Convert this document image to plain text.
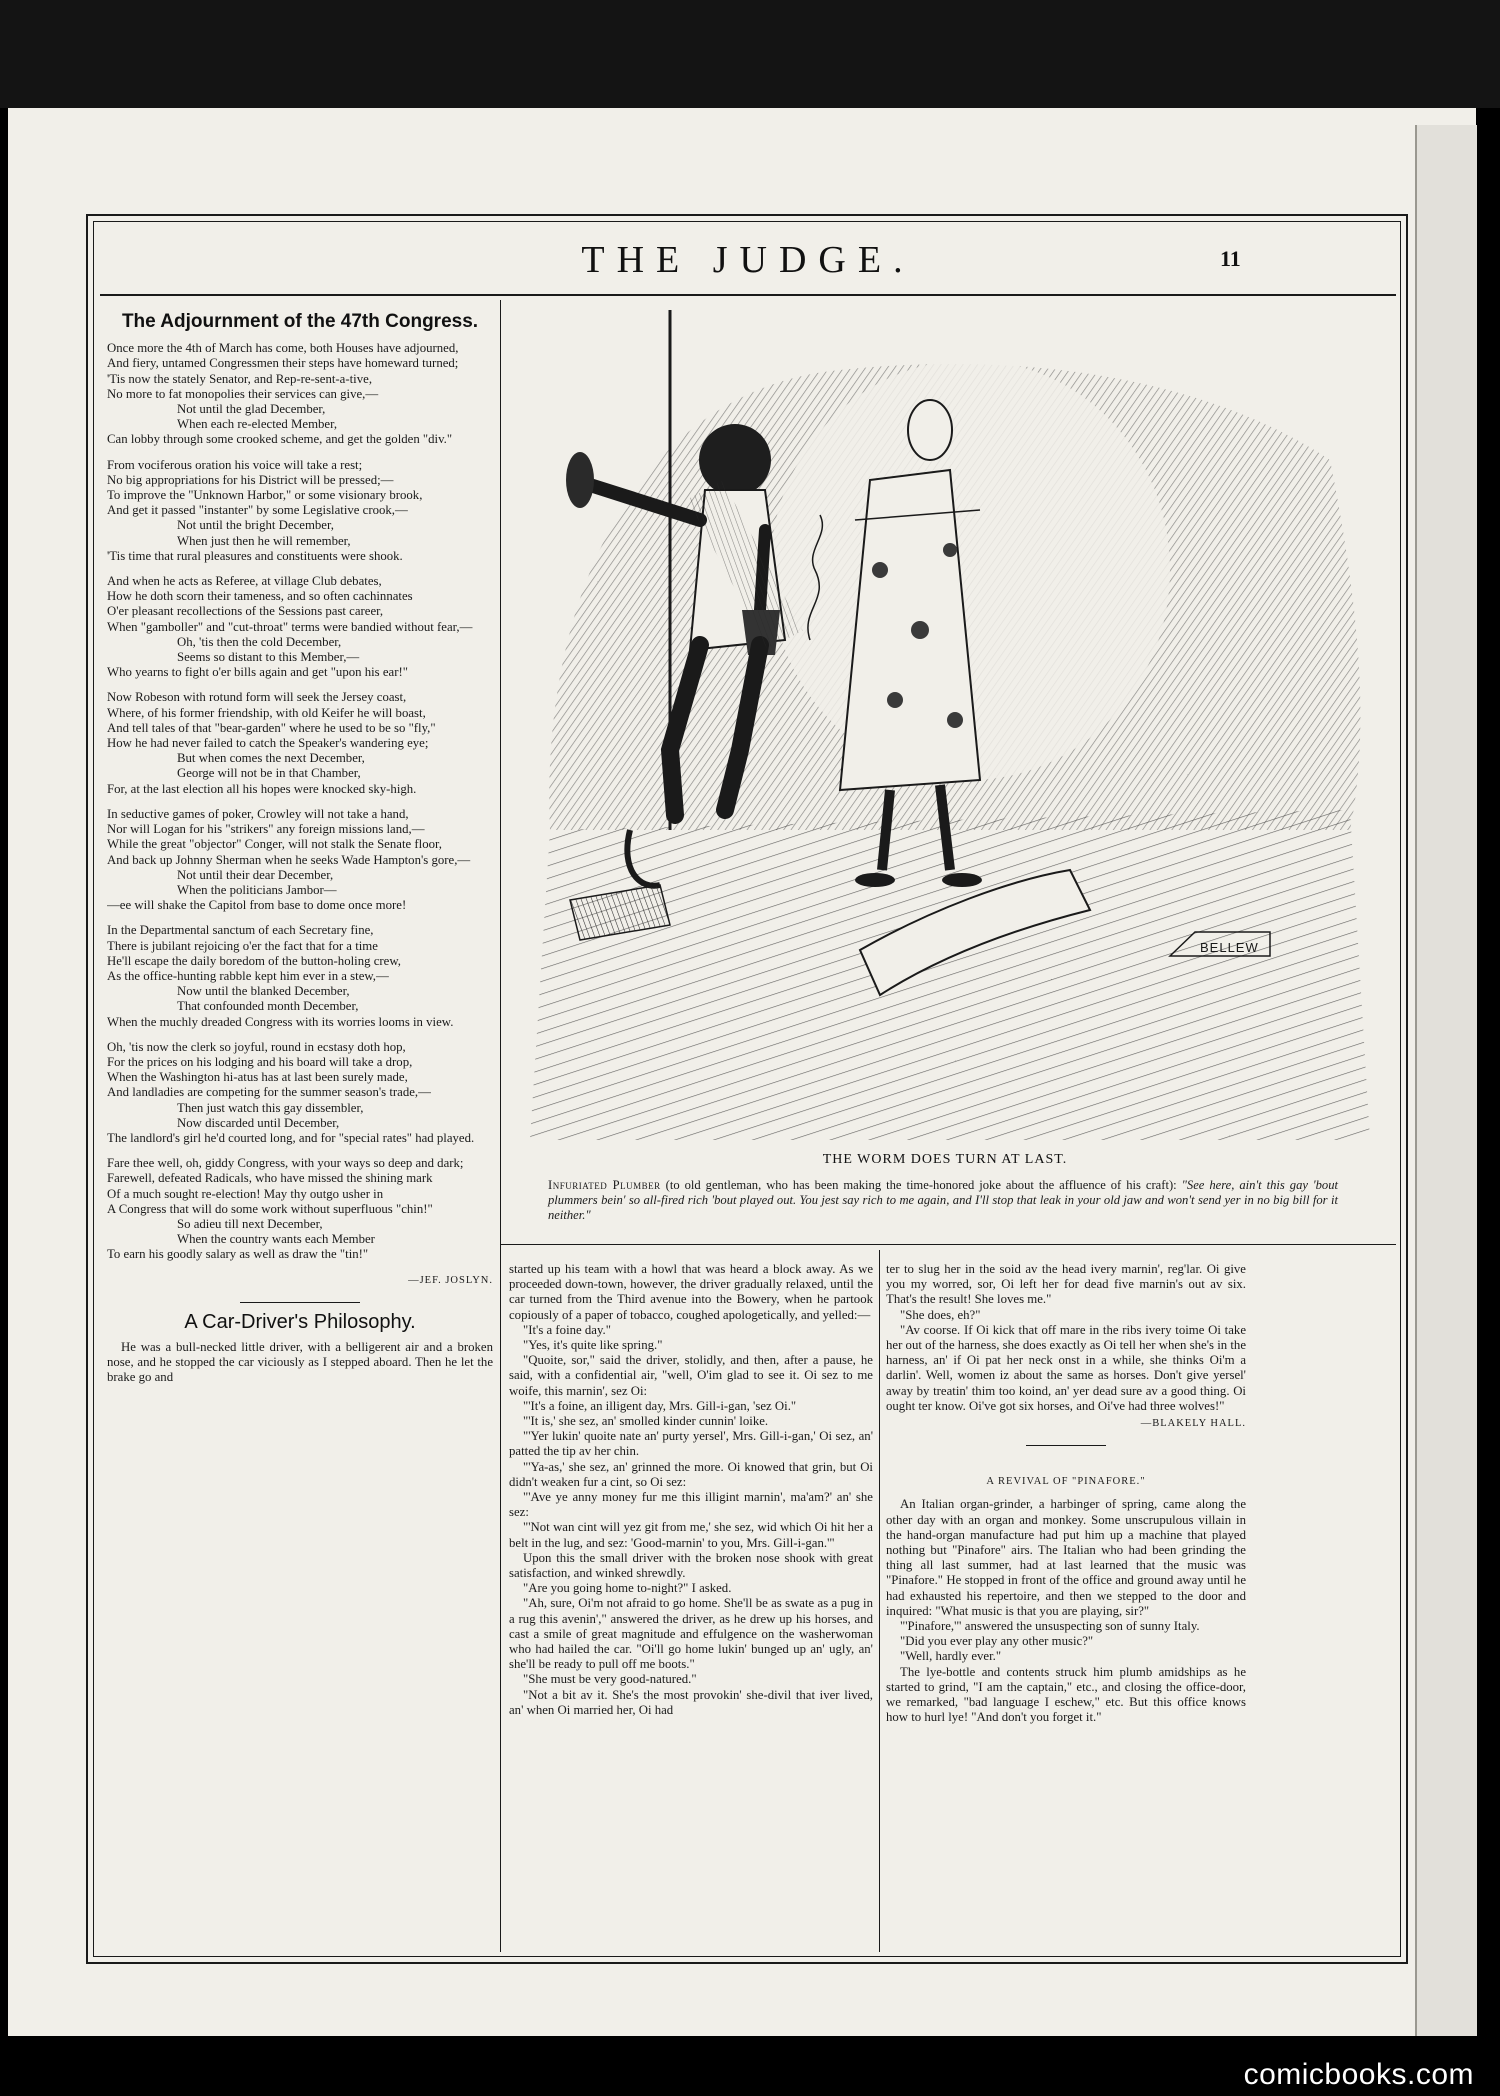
THE JUDGE.	11
The Adjournment of the 47th Congress.

Once more the 4th of March has come, both Houses have adjourned,

And fiery, untamed Congressmen their steps have homeward turned;

'Tis now the stately Senator, and Rep-re-sent-a-tive,

No more to fat monopolies their services can give,—

Not until the glad December,

When each re-elected Member,

Can lobby through some crooked scheme, and get the golden "div."

From vociferous oration his voice will take a rest;

No big appropriations for his District will be pressed;—

To improve the "Unknown Harbor," or some visionary brook,

And get it passed "instanter" by some Legislative crook,—

Not until the bright December,

When just then he will remember,

'Tis time that rural pleasures and constituents were shook.

And when he acts as Referee, at village Club debates,

How he doth scorn their tameness, and so often cachinnates

O'er pleasant recollections of the Sessions past career,

When "gamboller" and "cut-throat" terms were bandied without fear,—

Oh, 'tis then the cold December,

Seems so distant to this Member,—

Who yearns to fight o'er bills again and get "upon his ear!"

Now Robeson with rotund form will seek the Jersey coast,

Where, of his former friendship, with old Keifer he will boast,

And tell tales of that "bear-garden" where he used to be so "fly,"

How he had never failed to catch the Speaker's wandering eye;

But when comes the next December,

George will not be in that Chamber,

For, at the last election all his hopes were knocked sky-high.

In seductive games of poker, Crowley will not take a hand,

Nor will Logan for his "strikers" any foreign missions land,—

While the great "objector" Conger, will not stalk the Senate floor,

And back up Johnny Sherman when he seeks Wade Hampton's gore,—

Not until their dear December,

When the politicians Jambor—

—ee will shake the Capitol from base to dome once more!

In the Departmental sanctum of each Secretary fine,

There is jubilant rejoicing o'er the fact that for a time

He'll escape the daily boredom of the button-holing crew,

As the office-hunting rabble kept him ever in a stew,—

Now until the blanked December,

That confounded month December,

When the muchly dreaded Congress with its worries looms in view.

Oh, 'tis now the clerk so joyful, round in ecstasy doth hop,

For the prices on his lodging and his board will take a drop,

When the Washington hi-atus has at last been surely made,

And landladies are competing for the summer season's trade,—

Then just watch this gay dissembler,

Now discarded until December,

The landlord's girl he'd courted long, and for "special rates" had played.

Fare thee well, oh, giddy Congress, with your ways so deep and dark;

Farewell, defeated Radicals, who have missed the shining mark

Of a much sought re-election! May thy outgo usher in

A Congress that will do some work without superfluous "chin!"

So adieu till next December,

When the country wants each Member

To earn his goodly salary as well as draw the "tin!"

—JEF. JOSLYN.
A Car-Driver's Philosophy.

He was a bull-necked little driver, with a belligerent air and a broken nose, and he stopped the car viciously as I stepped aboard. Then he let the brake go and

BELLEW
THE WORM DOES TURN AT LAST.
Infuriated Plumber (to old gentleman, who has been making the time-honored joke about the affluence of his craft): "See here, ain't this gay 'bout plummers bein' so all-fired rich 'bout played out. You jest say rich to me again, and I'll stop that leak in your old jaw and won't send yer in no big bill for it neither."

started up his team with a howl that was heard a block away. As we proceeded down-town, however, the driver gradually relaxed, until the car turned from the Third avenue into the Bowery, when he partook copiously of a paper of tobacco, coughed apologetically, and yelled:—

"It's a foine day."

"Yes, it's quite like spring."

"Quoite, sor," said the driver, stolidly, and then, after a pause, he said, with a confidential air, "well, O'im glad to see it. Oi sez to me woife, this marnin', sez Oi:

"'It's a foine, an illigent day, Mrs. Gill-i-gan, 'sez Oi."

"'It is,' she sez, an' smolled kinder cunnin' loike.

"'Yer lukin' quoite nate an' purty yersel', Mrs. Gill-i-gan,' Oi sez, an' patted the tip av her chin.

"'Ya-as,' she sez, an' grinned the more. Oi knowed that grin, but Oi didn't weaken fur a cint, so Oi sez:

"'Ave ye anny money fur me this illigint marnin', ma'am?' an' she sez:

"'Not wan cint will yez git from me,' she sez, wid which Oi hit her a belt in the lug, and sez: 'Good-marnin' to you, Mrs. Gill-i-gan.'"

Upon this the small driver with the broken nose shook with great satisfaction, and winked shrewdly.

"Are you going home to-night?" I asked.

"Ah, sure, Oi'm not afraid to go home. She'll be as swate as a pug in a rug this avenin'," answered the driver, as he drew up his horses, and cast a smile of great magnitude and effulgence on the washerwoman who had hailed the car. "Oi'll go home lukin' bunged up an' ugly, an' she'll be ready to pull off me boots."

"She must be very good-natured."

"Not a bit av it. She's the most provokin' she-divil that iver lived, an' when Oi married her, Oi had

ter to slug her in the soid av the head ivery marnin', reg'lar. Oi give you my worred, sor, Oi left her for dead five marnin's out av six. That's the result! She loves me."

"She does, eh?"

"Av coorse. If Oi kick that off mare in the ribs ivery toime Oi take her out of the harness, she does exactly as Oi tell her when she's in the harness, an' if Oi pat her neck onst in a while, she thinks Oi'm a darlin'. Well, women iz about the same as horses. Don't give yersel' away by treatin' thim too koind, an' yer dead sure av a good thing. Oi ought ter know. Oi've got six horses, and Oi've had three wolves!"

—BLAKELY HALL.
A REVIVAL OF "PINAFORE."

An Italian organ-grinder, a harbinger of spring, came along the other day with an organ and monkey. Some unscrupulous villain in the hand-organ manufacture had put him up a machine that played nothing but "Pinafore" airs. The Italian who had been grinding the thing all last summer, had at last learned that the music was "Pinafore." He stopped in front of the office and ground away until he had exhausted his repertoire, and then we stepped to the door and inquired: "What music is that you are playing, sir?"

"'Pinafore,'" answered the unsuspecting son of sunny Italy.

"Did you ever play any other music?"

"Well, hardly ever."

The lye-bottle and contents struck him plumb amidships as he started to grind, "I am the captain," etc., and closing the office-door, we remarked, "bad language I eschew," etc. But this office knows how to hurl lye! "And don't you forget it."

comicbooks.com
